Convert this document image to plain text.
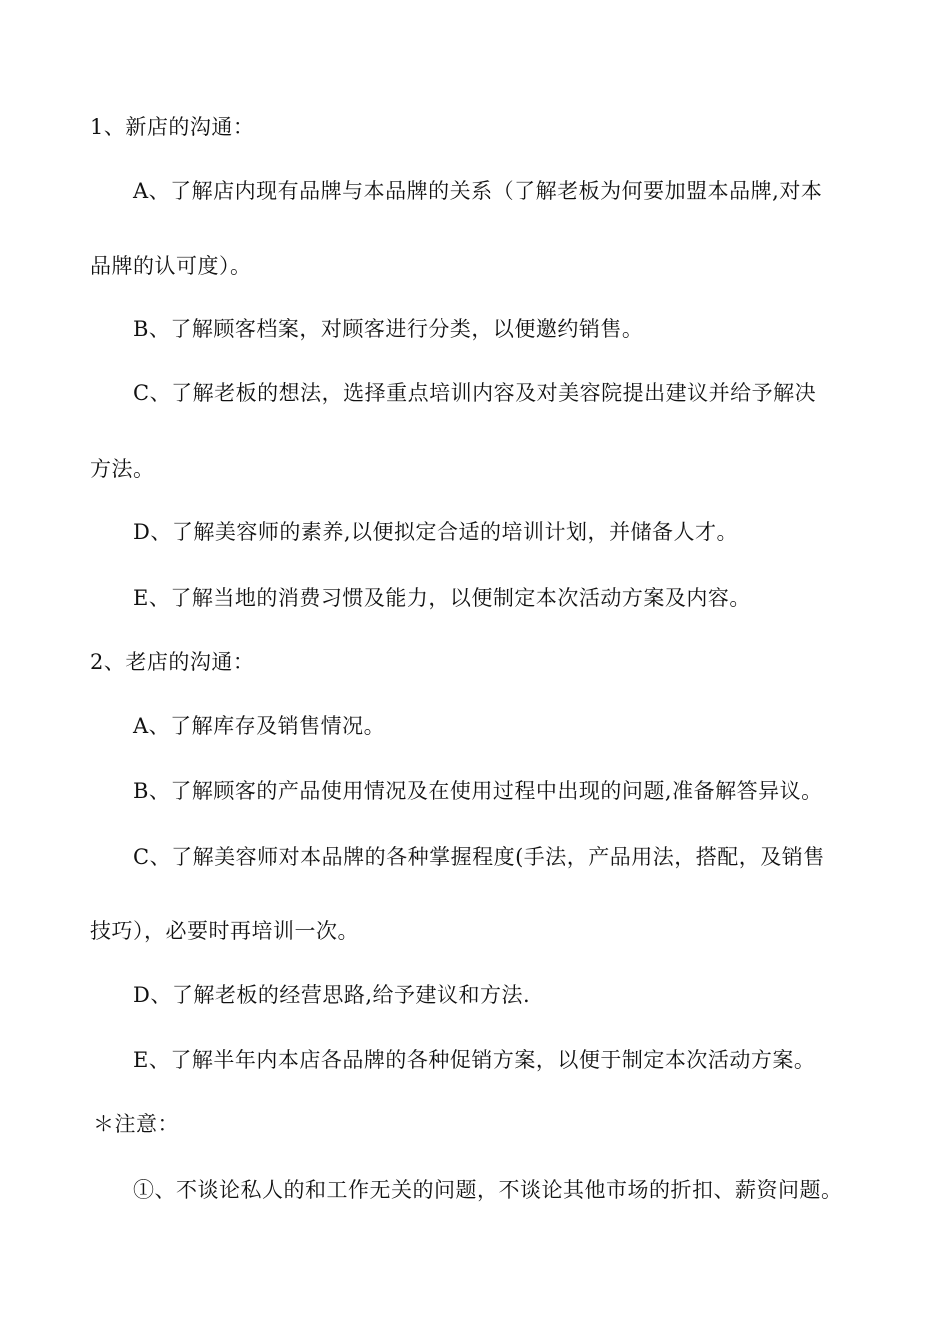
1、新店的沟通：
A、了解店内现有品牌与本品牌的关系（了解老板为何要加盟本品牌,对本
品牌的认可度）。
B、了解顾客档案，对顾客进行分类，以便邀约销售。
C、了解老板的想法，选择重点培训内容及对美容院提出建议并给予解决
方法。
D、了解美容师的素养,以便拟定合适的培训计划，并储备人才。
E、了解当地的消费习惯及能力，以便制定本次活动方案及内容。
2、老店的沟通：
A、了解库存及销售情况。
B、了解顾客的产品使用情况及在使用过程中出现的问题,准备解答异议。
C、了解美容师对本品牌的各种掌握程度(手法，产品用法，搭配，及销售
技巧），必要时再培训一次。
D、了解老板的经营思路,给予建议和方法.
E、了解半年内本店各品牌的各种促销方案，以便于制定本次活动方案。
＊注意：
①、不谈论私人的和工作无关的问题，不谈论其他市场的折扣、薪资问题。
